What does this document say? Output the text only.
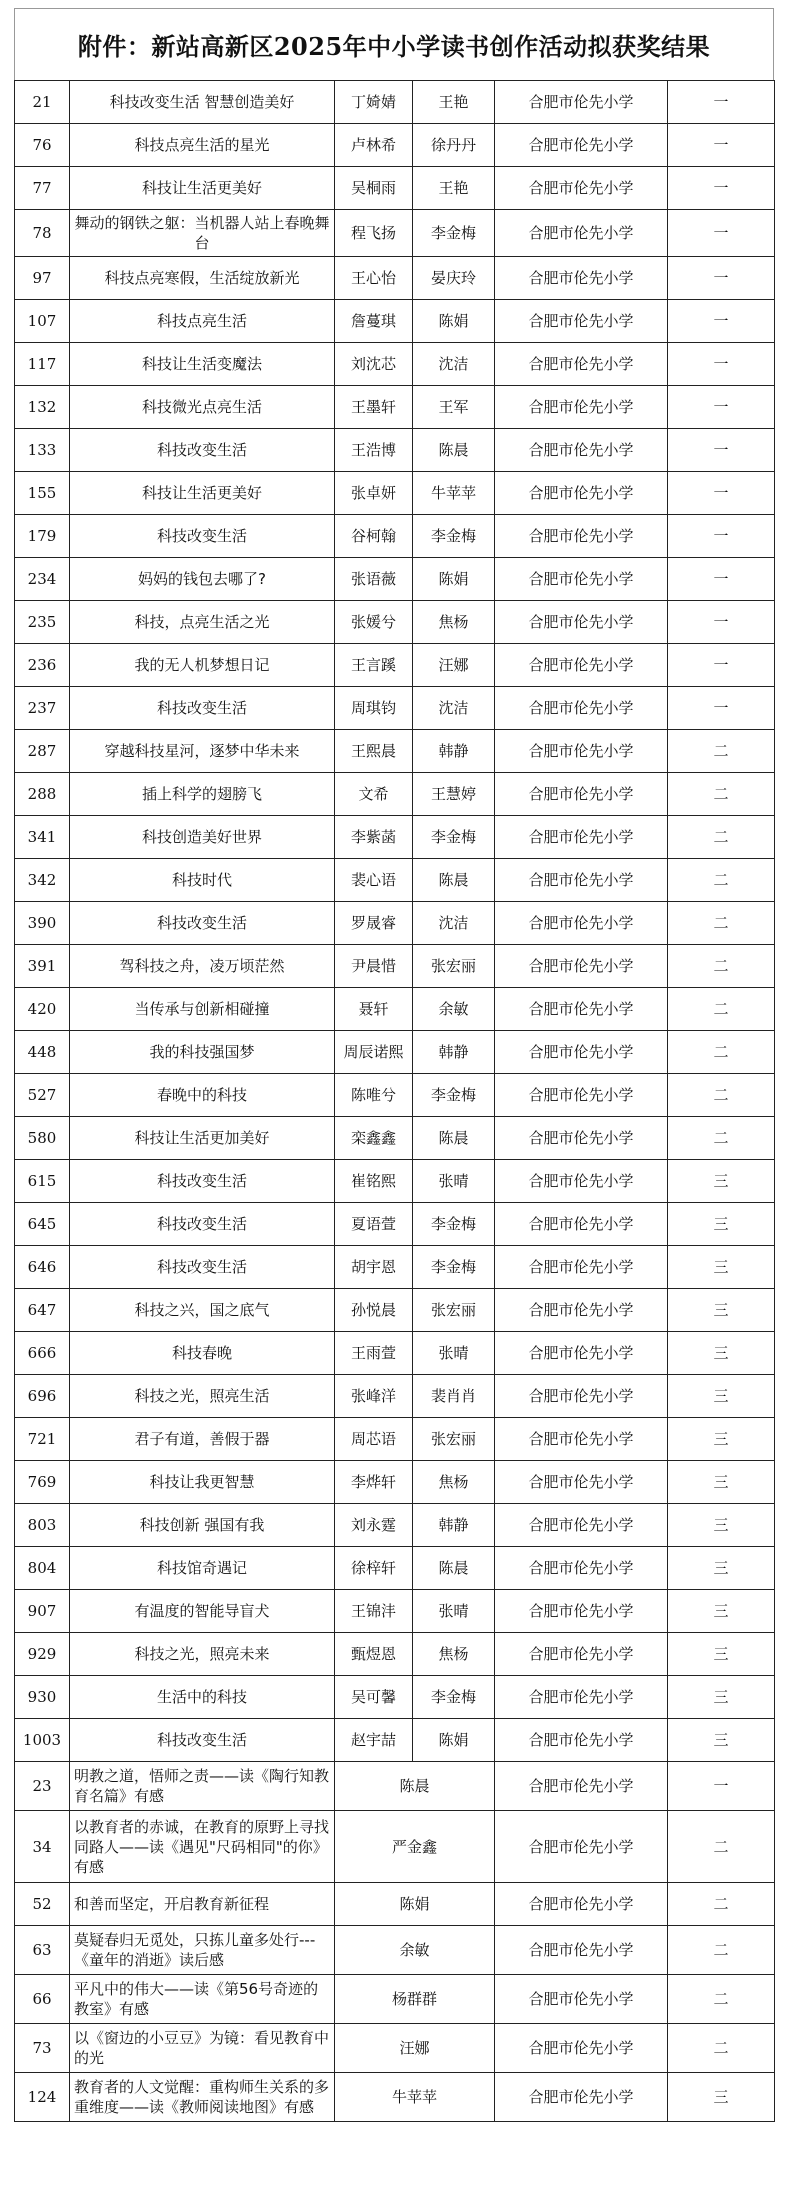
附件：新站高新区2025年中小学读书创作活动拟获奖结果
21	科技改变生活 智慧创造美好	丁婍婧	王艳	合肥市伦先小学	一
76	科技点亮生活的星光	卢林希	徐丹丹	合肥市伦先小学	一
77	科技让生活更美好	吴桐雨	王艳	合肥市伦先小学	一
78	舞动的钢铁之躯：当机器人站上春晚舞台	程飞扬	李金梅	合肥市伦先小学	一
97	科技点亮寒假，生活绽放新光	王心怡	晏庆玲	合肥市伦先小学	一
107	科技点亮生活	詹蔓琪	陈娟	合肥市伦先小学	一
117	科技让生活变魔法	刘沈芯	沈洁	合肥市伦先小学	一
132	科技微光点亮生活	王墨轩	王军	合肥市伦先小学	一
133	科技改变生活	王浩博	陈晨	合肥市伦先小学	一
155	科技让生活更美好	张卓妍	牛苹苹	合肥市伦先小学	一
179	科技改变生活	谷柯翰	李金梅	合肥市伦先小学	一
234	妈妈的钱包去哪了?	张语薇	陈娟	合肥市伦先小学	一
235	科技，点亮生活之光	张媛兮	焦杨	合肥市伦先小学	一
236	我的无人机梦想日记	王言蹊	汪娜	合肥市伦先小学	一
237	科技改变生活	周琪钧	沈洁	合肥市伦先小学	一
287	穿越科技星河，逐梦中华未来	王熙晨	韩静	合肥市伦先小学	二
288	插上科学的翅膀飞	文希	王慧婷	合肥市伦先小学	二
341	科技创造美好世界	李紫菡	李金梅	合肥市伦先小学	二
342	科技时代	裴心语	陈晨	合肥市伦先小学	二
390	科技改变生活	罗晟睿	沈洁	合肥市伦先小学	二
391	驾科技之舟，凌万顷茫然	尹晨惜	张宏丽	合肥市伦先小学	二
420	当传承与创新相碰撞	聂轩	余敏	合肥市伦先小学	二
448	我的科技强国梦	周辰诺熙	韩静	合肥市伦先小学	二
527	春晚中的科技	陈唯兮	李金梅	合肥市伦先小学	二
580	科技让生活更加美好	栾鑫鑫	陈晨	合肥市伦先小学	二
615	科技改变生活	崔铭熙	张晴	合肥市伦先小学	三
645	科技改变生活	夏语萱	李金梅	合肥市伦先小学	三
646	科技改变生活	胡宇恩	李金梅	合肥市伦先小学	三
647	科技之兴，国之底气	孙悦晨	张宏丽	合肥市伦先小学	三
666	科技春晚	王雨萱	张晴	合肥市伦先小学	三
696	科技之光，照亮生活	张峰洋	裴肖肖	合肥市伦先小学	三
721	君子有道，善假于器	周芯语	张宏丽	合肥市伦先小学	三
769	科技让我更智慧	李烨轩	焦杨	合肥市伦先小学	三
803	科技创新 强国有我	刘永霆	韩静	合肥市伦先小学	三
804	科技馆奇遇记	徐梓轩	陈晨	合肥市伦先小学	三
907	有温度的智能导盲犬	王锦沣	张晴	合肥市伦先小学	三
929	科技之光，照亮未来	甄煜恩	焦杨	合肥市伦先小学	三
930	生活中的科技	吴可馨	李金梅	合肥市伦先小学	三
1003	科技改变生活	赵宇喆	陈娟	合肥市伦先小学	三
23	明教之道，悟师之责——读《陶行知教育名篇》有感	陈晨		合肥市伦先小学	一
34	以教育者的赤诚，在教育的原野上寻找同路人——读《遇见"尺码相同"的你》有感	严金鑫		合肥市伦先小学	二
52	和善而坚定，开启教育新征程	陈娟		合肥市伦先小学	二
63	莫疑春归无觅处，只拣儿童多处行---《童年的消逝》读后感	余敏		合肥市伦先小学	二
66	平凡中的伟大——读《第56号奇迹的教室》有感	杨群群		合肥市伦先小学	二
73	以《窗边的小豆豆》为镜：看见教育中的光	汪娜		合肥市伦先小学	二
124	教育者的人文觉醒：重构师生关系的多重维度——读《教师阅读地图》有感	牛苹苹		合肥市伦先小学	三
